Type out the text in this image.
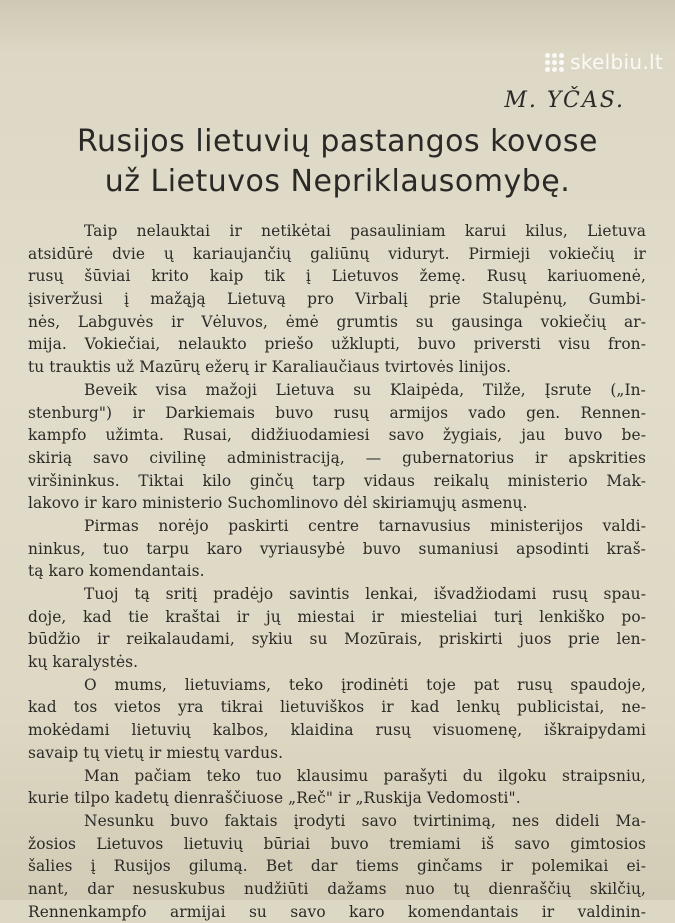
skelbiu.lt
M. YČAS.
Rusijos lietuvių pastangos kovose
už Lietuvos Nepriklausomybę.
Taip nelauktai ir netikėtai pasauliniam karui kilus, Lietuva
atsidūrė dvie ų kariaujančių galiūnų viduryt. Pirmieji vokiečių ir
rusų šūviai krito kaip tik į Lietuvos žemę. Rusų kariuomenė,
įsiveržusi į mažąją Lietuvą pro Virbalį prie Stalupėnų, Gumbi-
nės, Labguvės ir Vėluvos, ėmė grumtis su gausinga vokiečių ar-
mija. Vokiečiai, nelaukto priešo užklupti, buvo priversti visu fron-
tu trauktis už Mazūrų ežerų ir Karaliaučiaus tvirtovės linijos.
Beveik visa mažoji Lietuva su Klaipėda, Tilže, Įsrute („In-
stenburg") ir Darkiemais buvo rusų armijos vado gen. Rennen-
kampfo užimta. Rusai, didžiuodamiesi savo žygiais, jau buvo be-
skirią savo civilinę administraciją, — gubernatorius ir apskrities
viršininkus. Tiktai kilo ginčų tarp vidaus reikalų ministerio Mak-
lakovo ir karo ministerio Suchomlinovo dėl skiriamųjų asmenų.
Pirmas norėjo paskirti centre tarnavusius ministerijos valdi-
ninkus, tuo tarpu karo vyriausybė buvo sumaniusi apsodinti kraš-
tą karo komendantais.
Tuoj tą sritį pradėjo savintis lenkai, išvadžiodami rusų spau-
doje, kad tie kraštai ir jų miestai ir miesteliai turį lenkiško po-
būdžio ir reikalaudami, sykiu su Mozūrais, priskirti juos prie len-
kų karalystės.
O mums, lietuviams, teko įrodinėti toje pat rusų spaudoje,
kad tos vietos yra tikrai lietuviškos ir kad lenkų publicistai, ne-
mokėdami lietuvių kalbos, klaidina rusų visuomenę, iškraipydami
savaip tų vietų ir miestų vardus.
Man pačiam teko tuo klausimu parašyti du ilgoku straipsniu,
kurie tilpo kadetų dienraščiuose „Reč" ir „Ruskija Vedomosti".
Nesunku buvo faktais įrodyti savo tvirtinimą, nes dideli Ma-
žosios Lietuvos lietuvių būriai buvo tremiami iš savo gimtosios
šalies į Rusijos gilumą. Bet dar tiems ginčams ir polemikai ei-
nant, dar nesuskubus nudžiūti dažams nuo tų dienraščių skilčių,
Rennenkampfo armijai su savo karo komendantais ir valdinin-
